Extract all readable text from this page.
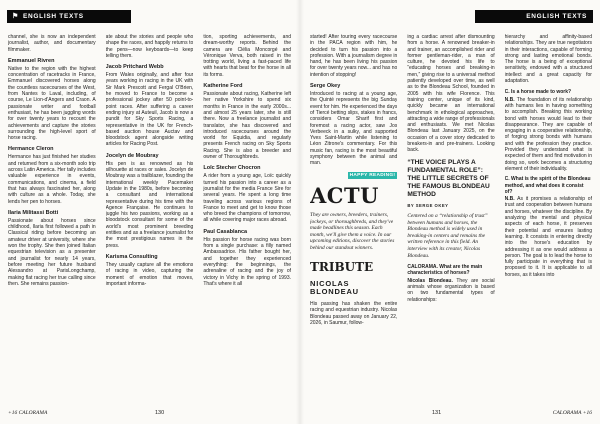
⚑ ENGLISH TEXTS	ENGLISH TEXTS

channel, she is now an independent journalist, author, and documentary filmmaker.

Emmanuel Rivren

Native to the region with the highest concentration of racetracks in France, Emmanuel discovered horses along the countless racecourses of the West, from Nantes to Laval, including, of course, Le Lion-d'Angers and Craon. A passionate writer and football enthusiast, he has been juggling words for over twenty years to recount the achievements and capture the stories surrounding the high-level sport of horse racing.

Hermance Cleron

Hermance has just finished her studies and returned from a six-month solo trip across Latin America. Her tally includes valuable experience in events, communications, and cinema, a field that has always fascinated her, along with culture as a whole. Today, she lends her pen to horses.

Ilaria Militassi Botti

Passionate about horses since childhood, Ilaria first followed a path in Classical riding before becoming an amateur driver at university, where she won the trophy. She then joined Italian equestrian television as a presenter and journalist for nearly 14 years, before meeting her future husband Alessandro at ParisLongchamp, making flat racing her true calling since then. She remains passion-

ate about the stories and people who shape the races, and happily returns to the pens—now keyboards—to keep telling them.

Jacob Pritchard Webb

From Wales originally, and after four years working in racing in the UK with Sir Mark Prescott and Fergal O'Brien, he moved to France to become a professional jockey after 50 point-to-point races. After suffering a career ending injury at Auteuil, Jacob is now a pundit for Sky Sports Racing, a representative in the UK for French-based auction house Auctav and bloodstock agent alongside writing articles for Racing Post.

Jocelyn de Moubray

His pen is as renowned as his silhouette at races or sales. Jocelyn de Moubray was a trailblazer, founding the international weekly Pacemaker Update in the 1980s, before becoming a consultant and international representative during his time with the Agence Française. He continues to juggle his two passions, working as a bloodstock consultant for some of the world's most prominent breeding entities and as a freelance journalist for the most prestigious names in the press.

Karisma Consulting

They usually capture all the emotions of racing in video, capturing the moment of emotion that moves, important informa-

tion, sporting achievements, and dream-worthy reports. Behind the camera are Clélia Moncorgé and Véronique Verva, both raised in the trotting world, living a fast-paced life with hearts that beat for the horse in all its forms.

Katherine Ford

Passionate about racing, Katherine left her native Yorkshire to spend six months in France in the early 2000s... and almost 25 years later, she is still there. Now a freelance journalist and translator, she has discovered and introduced racecourses around the world for Equidia, and regularly presents French racing on Sky Sports Racing. She is also a breeder and owner of Thoroughbreds.

Loïc Stecher Chocron

A rider from a young age, Loïc quickly turned his passion into a career as a journalist for the media France Sire for several years. He spent a long time traveling across various regions of France to meet and get to know those who breed the champions of tomorrow, all while covering major races abroad.

Paul Casablanca

His passion for horse racing was born from a single purchase: a filly named Ambassadrice. His father bought her, and together they experienced everything: the beginnings, the adrenaline of racing and the joy of victory in Vichy in the spring of 1993. That's where it all

started! After touring every racecourse in the PACA region with him, he decided to turn his passion into a profession. With a journalism degree in hand, he has been living his passion for over twenty years now... and has no intention of stopping!

Serge Okey

Introduced to racing at a young age, the Quinté represents the big Sunday event for him. He experienced the days of Tiercé betting slips, stakes in francs, considers Omar Sharif first and foremost a racing actor, saw Jos Verbeeck in a sulky, and supported Yves Saint-Martin while listening to Léon Zitrone's commentary. For this music fan, racing is the most beautiful symphony between the animal and man.

HAPPY READING!

ACTU

They are owners, breeders, trainers, jockeys, or thoroughbreds, and they've made headlines this season. Each month, we'll give them a voice. In our upcoming editions, discover the stories behind our standout winners.

TRIBUTE
NICOLAS BLONDEAU

His passing has shaken the entire racing and equestrian industry. Nicolas Blondeau passed away on January 22, 2026, in Saumur, follow-

ing a cardiac arrest after dismounting from a horse. A renowned breaker-in and trainer, an accomplished rider and former gentleman-rider, a man of culture, he devoted his life to “educating horses and breaking-in men,” giving rise to a universal method patiently developed over time, as well as to the Blondeau School, founded in 2005 with his wife Florence. This training center, unique of its kind, quickly became an international benchmark in ethological approaches, attracting a wide range of professionals and enthusiasts. We met Nicolas Blondeau last January 2025, on the occasion of a cover story dedicated to breakers-in and pre-trainers. Looking back.

“THE VOICE PLAYS A FUNDAMENTAL ROLE”: THE LITTLE SECRETS OF THE FAMOUS BLONDEAU METHOD

BY SERGE OKEY

Centered on a “relationship of trust” between humans and horses, the Blondeau method is widely used in breaking-in centers and remains the written reference in this field. An interview with its creator, Nicolas Blondeau.

CALORAMA. What are the main characteristics of horses?

Nicolas Blondeau. They are social animals whose organization is based on two fundamental types of relationships:

hierarchy and affinity-based relationships. They are true negotiators in their interactions, capable of forming strong and lasting emotional bonds. The horse is a being of exceptional sensitivity, endowed with a structured intellect and a great capacity for adaptation.

C. Is a horse made to work?

N.B. The foundation of its relationship with humans lies in having something to accomplish. Breaking this working bond with horses would lead to their disappearance. They are capable of engaging in a cooperative relationship, of forging strong bonds with humans and with the profession they practice. Provided they understand what is expected of them and find motivation in doing so, work becomes a structuring element of their individuality.

C. What is the spirit of the Blondeau method, and what does it consist of?

N.B. As it promises a relationship of trust and cooperation between humans and horses, whatever the discipline. By analyzing the mental and physical aspects of each horse, it preserves their potential and ensures lasting learning. It consists in entering directly into the horse's education by addressing it as one would address a person. The goal is to lead the horse to fully participate in everything that is proposed to it. It is applicable to all horses, as it takes into

+16 CALORAMA	130	131	CALORAMA +16
